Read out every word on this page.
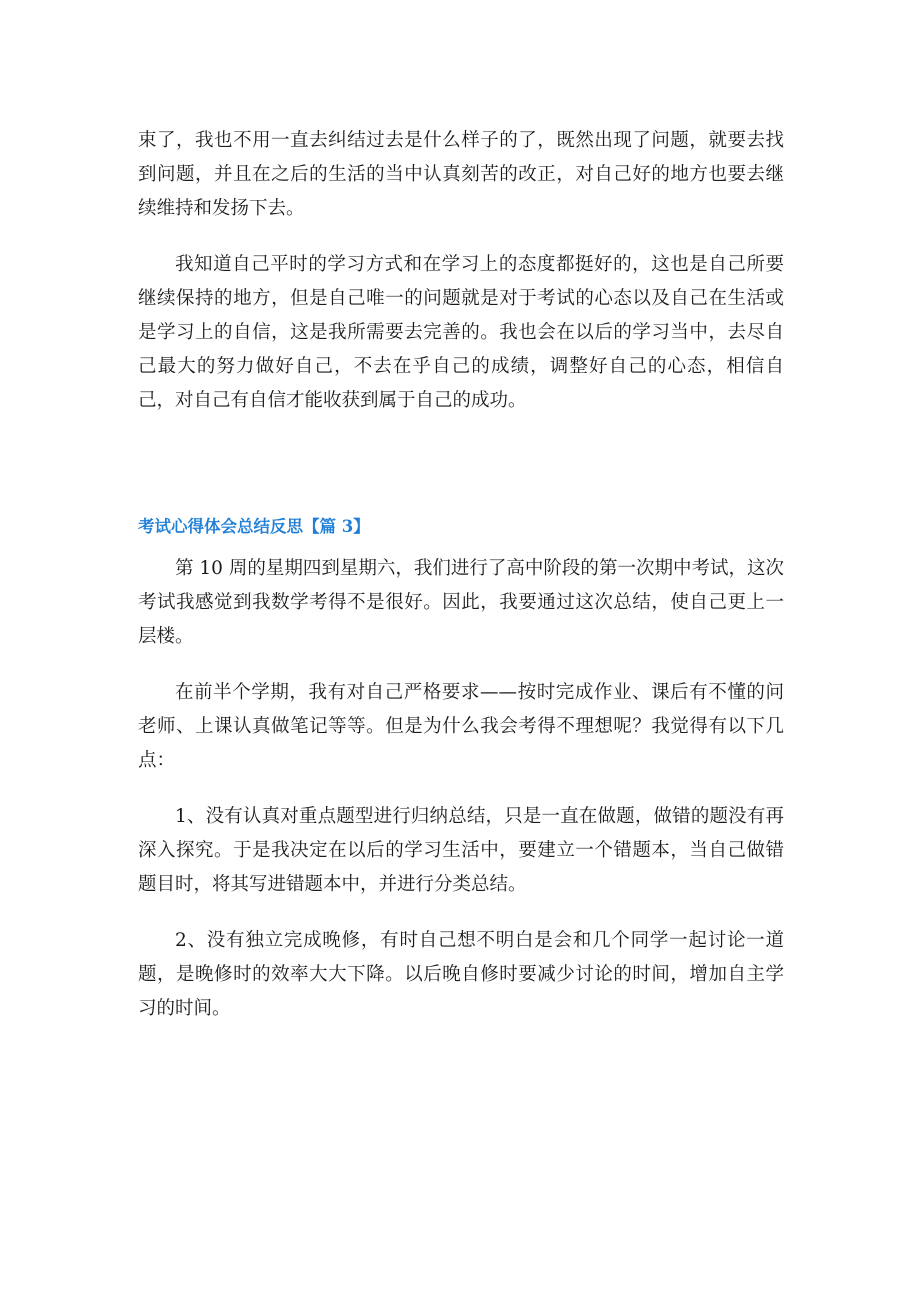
束了，我也不用一直去纠结过去是什么样子的了，既然出现了问题，就要去找到问题，并且在之后的生活的当中认真刻苦的改正，对自己好的地方也要去继续维持和发扬下去。

我知道自己平时的学习方式和在学习上的态度都挺好的，这也是自己所要继续保持的地方，但是自己唯一的问题就是对于考试的心态以及自己在生活或是学习上的自信，这是我所需要去完善的。我也会在以后的学习当中，去尽自己最大的努力做好自己，不去在乎自己的成绩，调整好自己的心态，相信自己，对自己有自信才能收获到属于自己的成功。

考试心得体会总结反思【篇 3】

第 10 周的星期四到星期六，我们进行了高中阶段的第一次期中考试，这次考试我感觉到我数学考得不是很好。因此，我要通过这次总结，使自己更上一层楼。

在前半个学期，我有对自己严格要求——按时完成作业、课后有不懂的问老师、上课认真做笔记等等。但是为什么我会考得不理想呢？我觉得有以下几点：

1、没有认真对重点题型进行归纳总结，只是一直在做题，做错的题没有再深入探究。于是我决定在以后的学习生活中，要建立一个错题本，当自己做错题目时，将其写进错题本中，并进行分类总结。

2、没有独立完成晚修，有时自己想不明白是会和几个同学一起讨论一道题，是晚修时的效率大大下降。以后晚自修时要减少讨论的时间，增加自主学习的时间。
